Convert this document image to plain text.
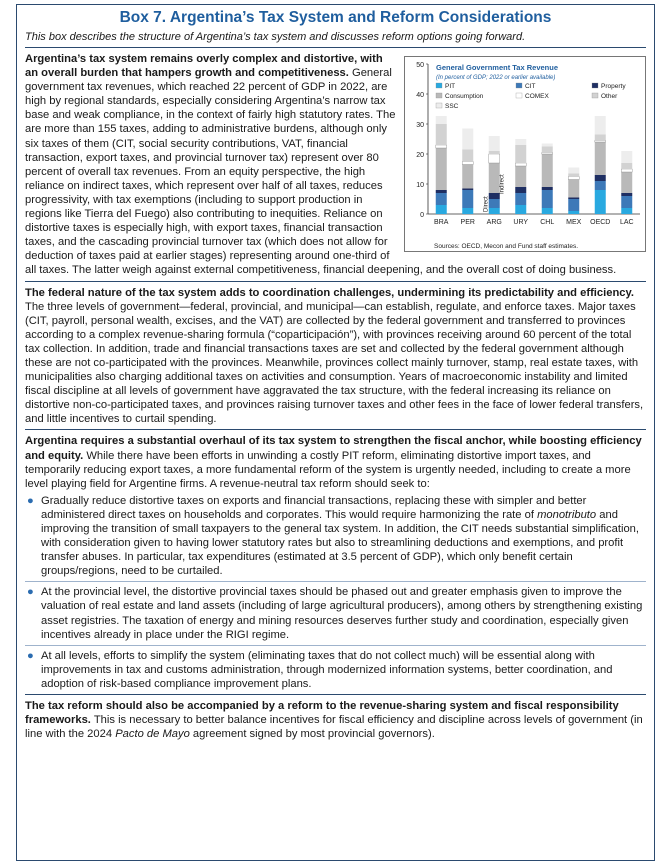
Box 7. Argentina’s Tax System and Reform Considerations
This box describes the structure of Argentina’s tax system and discusses reform options going forward.
0
10
20
30
40
50
BRA PER ARG URY CHL MEX OECD LAC
General Government Tax Revenue
(In percent of GDP; 2022 or earlier available)
PIT	CIT	Property
Consumption	COMEX	Other
SSC
Direct
Indirect
Sources: OECD, Mecon and Fund staff estimates.

Argentina’s tax system remains overly complex and distortive, with an overall burden that hampers growth and competitiveness. General government tax revenues, which reached 22 percent of GDP in 2022, are high by regional standards, especially considering Argentina’s narrow tax base and weak compliance, in the context of fairly high statutory rates. The are more than 155 taxes, adding to administrative burdens, although only six taxes of them (CIT, social security contributions, VAT, financial transaction, export taxes, and provincial turnover tax) represent over 80 percent of overall tax revenues. From an equity perspective, the high reliance on indirect taxes, which represent over half of all taxes, reduces progressivity, with tax exemptions (including to support production in regions like Tierra del Fuego) also contributing to inequities. Reliance on distortive taxes is especially high, with export taxes, financial transaction taxes, and the cascading provincial turnover tax (which does not allow for deduction of taxes paid at earlier stages) representing around one-third of all taxes. The latter weigh against external competitiveness, financial deepening, and the overall cost of doing business.

The federal nature of the tax system adds to coordination challenges, undermining its predictability and efficiency. The three levels of government—federal, provincial, and municipal—can establish, regulate, and enforce taxes. Major taxes (CIT, payroll, personal wealth, excises, and the VAT) are collected by the federal government and transferred to provinces according to a complex revenue-sharing formula (“coparticipación”), with provinces receiving around 60 percent of the total tax collection. In addition, trade and financial transactions taxes are set and collected by the federal government although these are not co-participated with the provinces. Meanwhile, provinces collect mainly turnover, stamp, real estate taxes, with municipalities also charging additional taxes on activities and consumption. Years of macroeconomic instability and limited fiscal discipline at all levels of government have aggravated the tax structure, with the federal increasing its reliance on distortive non-co-participated taxes, and provinces raising turnover taxes and other fees in the face of lower federal transfers, and little incentives to curtail spending.

Argentina requires a substantial overhaul of its tax system to strengthen the fiscal anchor, while boosting efficiency and equity. While there have been efforts in unwinding a costly PIT reform, eliminating distortive import taxes, and temporarily reducing export taxes, a more fundamental reform of the system is urgently needed, including to create a more level playing field for Argentine firms. A revenue-neutral tax reform should seek to:

● Gradually reduce distortive taxes on exports and financial transactions, replacing these with simpler and better administered direct taxes on households and corporates. This would require harmonizing the rate of monotributo and improving the transition of small taxpayers to the general tax system. In addition, the CIT needs substantial simplification, with consideration given to having lower statutory rates but also to streamlining deductions and exemptions, and profit transfer abuses. In particular, tax expenditures (estimated at 3.5 percent of GDP), which only benefit certain groups/regions, need to be curtailed.
● At the provincial level, the distortive provincial taxes should be phased out and greater emphasis given to improve the valuation of real estate and land assets (including of large agricultural producers), among others by strengthening existing asset registries. The taxation of energy and mining resources deserves further study and coordination, especially given incentives already in place under the RIGI regime.
● At all levels, efforts to simplify the system (eliminating taxes that do not collect much) will be essential along with improvements in tax and customs administration, through modernized information systems, better coordination, and adoption of risk-based compliance improvement plans.

The tax reform should also be accompanied by a reform to the revenue-sharing system and fiscal responsibility frameworks. This is necessary to better balance incentives for fiscal efficiency and discipline across levels of government (in line with the 2024 Pacto de Mayo agreement signed by most provincial governors).
